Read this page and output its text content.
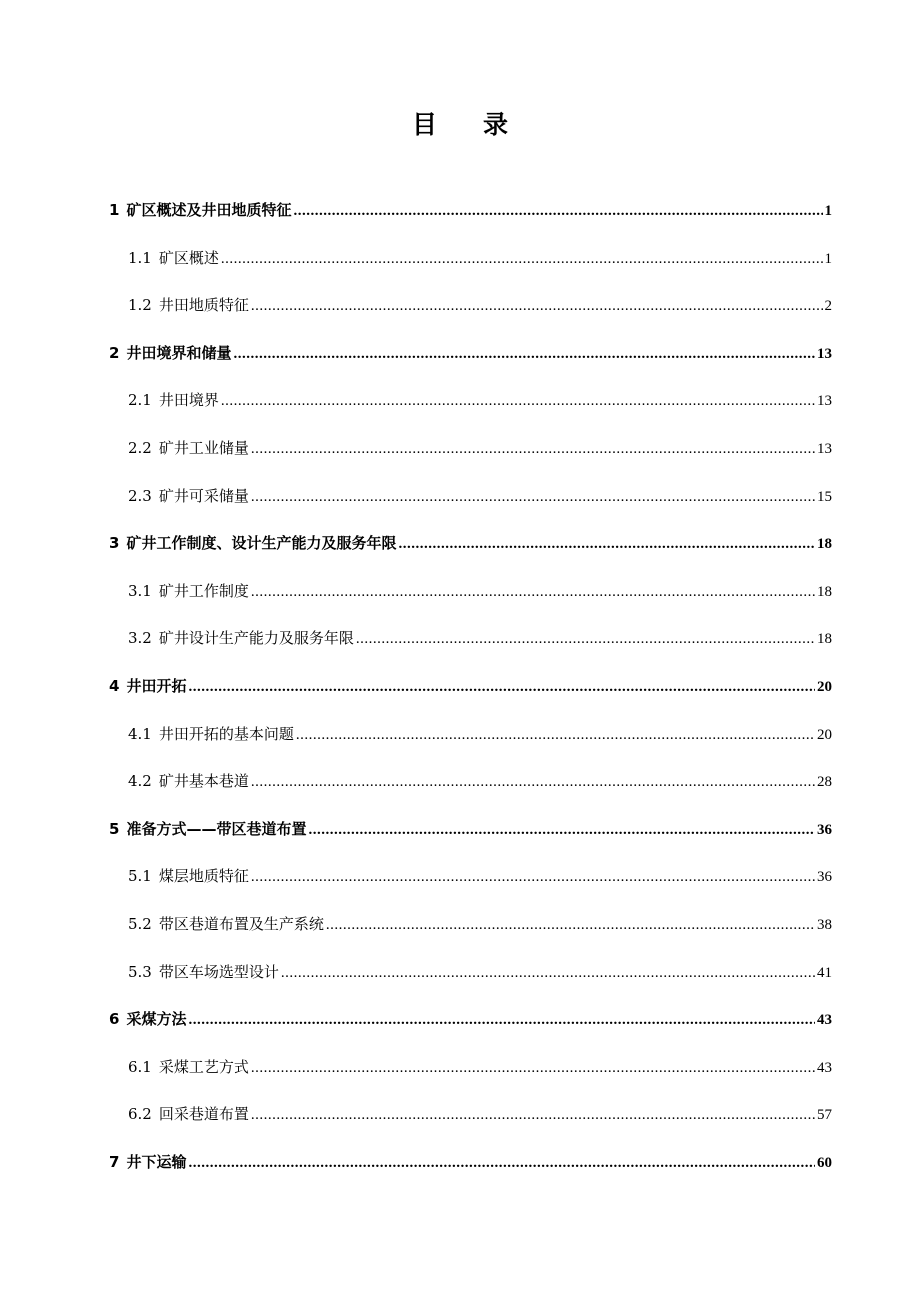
目 录
1 矿区概述及井田地质特征 .....	1
1.1 矿区概述 .....	1
1.2 井田地质特征 .....	2
2 井田境界和储量 .....	13
2.1 井田境界 .....	13
2.2 矿井工业储量 .....	13
2.3 矿井可采储量 .....	15
3 矿井工作制度、设计生产能力及服务年限 .....	18
3.1 矿井工作制度 .....	18
3.2 矿井设计生产能力及服务年限 .....	18
4 井田开拓 .....	20
4.1 井田开拓的基本问题 .....	20
4.2 矿井基本巷道 .....	28
5 准备方式——带区巷道布置 .....	36
5.1 煤层地质特征 .....	36
5.2 带区巷道布置及生产系统 .....	38
5.3 带区车场选型设计 .....	41
6 采煤方法 .....	43
6.1 采煤工艺方式 .....	43
6.2 回采巷道布置 .....	57
7 井下运输 .....	60
